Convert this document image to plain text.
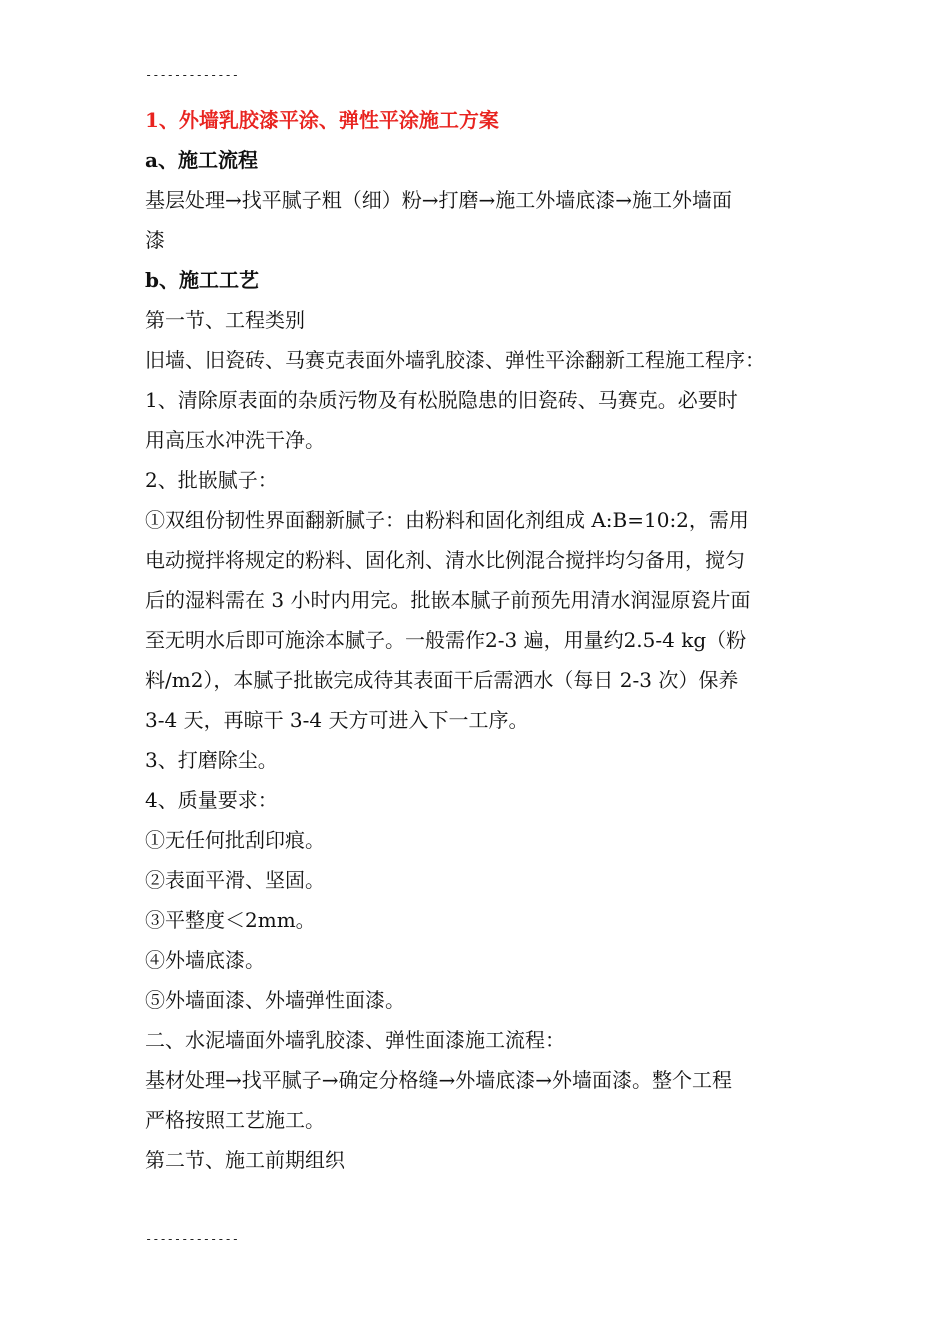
-------------
1、外墙乳胶漆平涂、弹性平涂施工方案
a、施工流程
基层处理→找平腻子粗（细）粉→打磨→施工外墙底漆→施工外墙面
漆
b、施工工艺
第一节、工程类别
旧墙、旧瓷砖、马赛克表面外墙乳胶漆、弹性平涂翻新工程施工程序：
1、清除原表面的杂质污物及有松脱隐患的旧瓷砖、马赛克。必要时
用高压水冲洗干净。
2、批嵌腻子：
①双组份韧性界面翻新腻子：由粉料和固化剂组成 A:B=10:2，需用
电动搅拌将规定的粉料、固化剂、清水比例混合搅拌均匀备用，搅匀
后的湿料需在 3 小时内用完。批嵌本腻子前预先用清水润湿原瓷片面
至无明水后即可施涂本腻子。一般需作2-3 遍，用量约2.5-4 kg（粉
料/m2），本腻子批嵌完成待其表面干后需洒水（每日 2-3 次）保养
3-4 天，再晾干 3-4 天方可进入下一工序。
3、打磨除尘。
4、质量要求：
①无任何批刮印痕。
②表面平滑、坚固。
③平整度＜2mm。
④外墙底漆。
⑤外墙面漆、外墙弹性面漆。
二、水泥墙面外墙乳胶漆、弹性面漆施工流程：
基材处理→找平腻子→确定分格缝→外墙底漆→外墙面漆。整个工程
严格按照工艺施工。
第二节、施工前期组织
-------------
